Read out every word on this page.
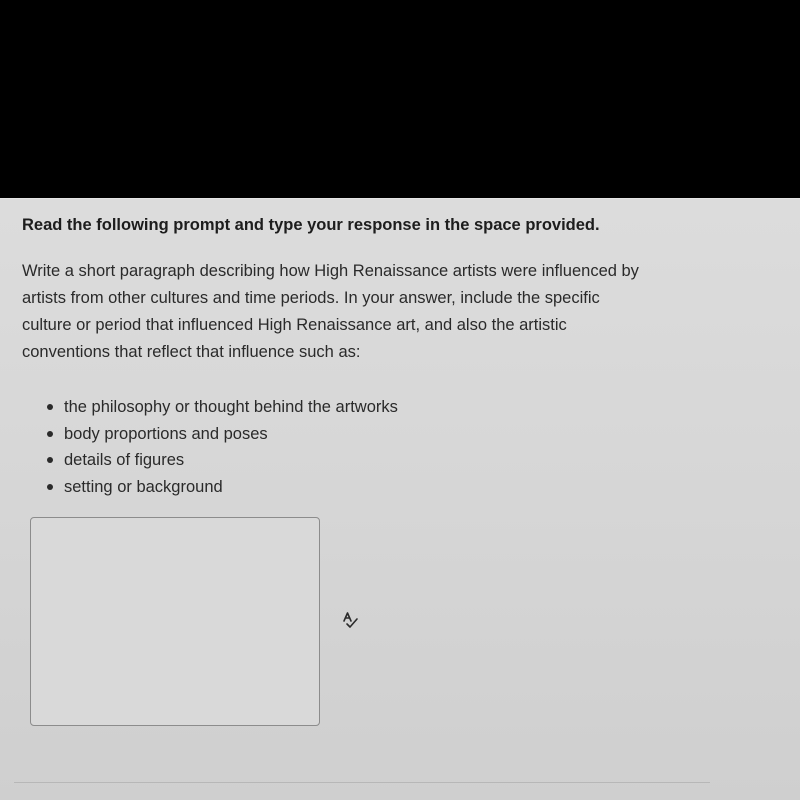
Read the following prompt and type your response in the space provided.
Write a short paragraph describing how High Renaissance artists were influenced by
artists from other cultures and time periods. In your answer, include the specific
culture or period that influenced High Renaissance art, and also the artistic
conventions that reflect that influence such as:
the philosophy or thought behind the artworks
body proportions and poses
details of figures
setting or background
